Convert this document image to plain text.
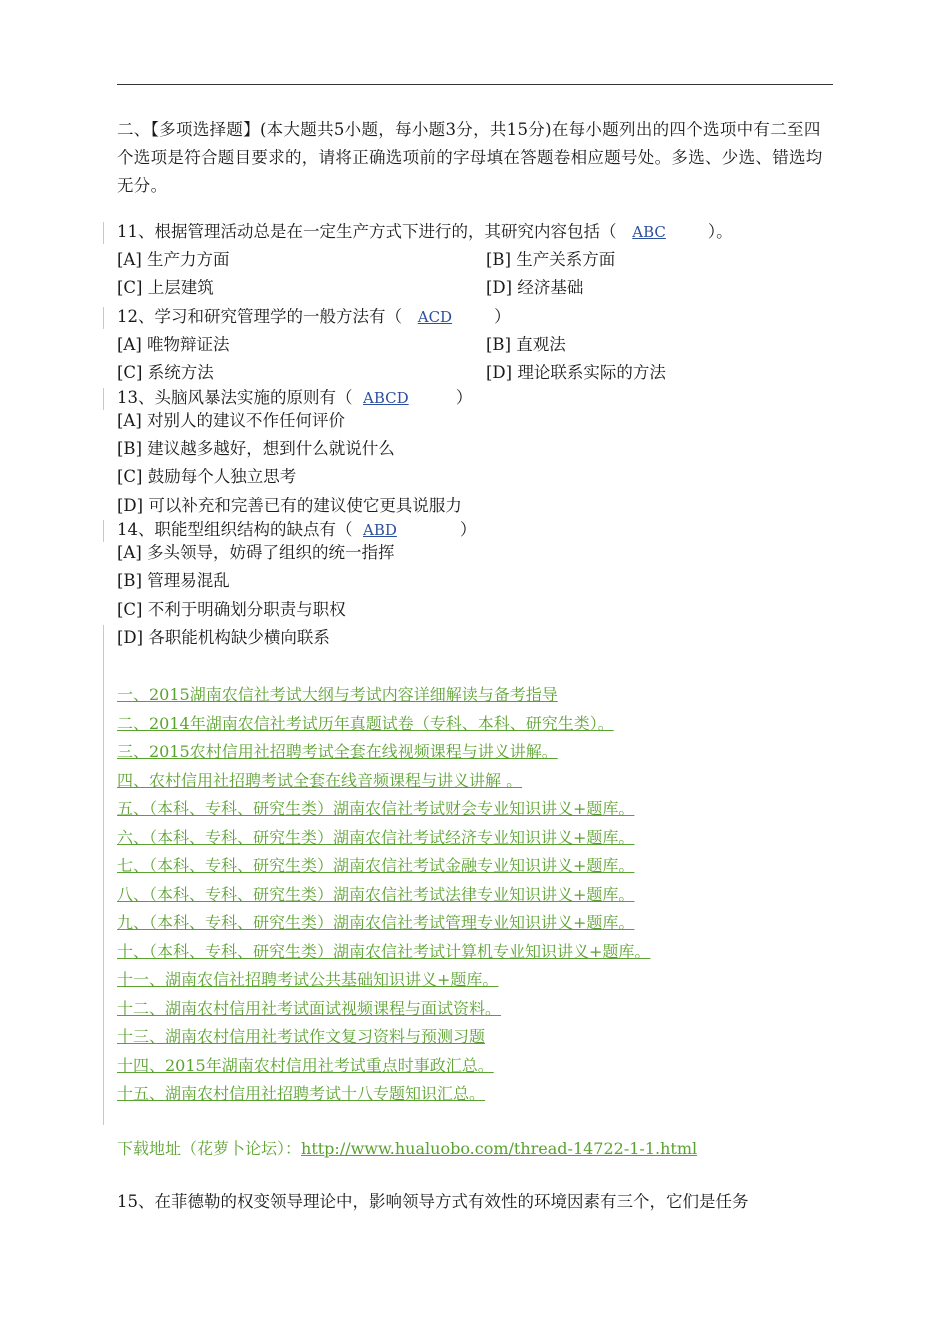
二、【多项选择题】(本大题共5小题，每小题3分，共15分)在每小题列出的四个选项中有二至四个选项是符合题目要求的，请将正确选项前的字母填在答题卷相应题号处。多选、少选、错选均无分。
11、根据管理活动总是在一定生产方式下进行的，其研究内容包括（ ABC	）。
[A] 生产力方面	[B] 生产关系方面
[C] 上层建筑	[D] 经济基础
12、学习和研究管理学的一般方法有（ ACD	）
[A] 唯物辩证法	[B] 直观法
[C] 系统方法	[D] 理论联系实际的方法
13、头脑风暴法实施的原则有（ ABCD	）
[A] 对别人的建议不作任何评价
[B] 建议越多越好，想到什么就说什么
[C] 鼓励每个人独立思考
[D] 可以补充和完善已有的建议使它更具说服力
14、职能型组织结构的缺点有（ ABD	）
[A] 多头领导，妨碍了组织的统一指挥
[B] 管理易混乱
[C] 不利于明确划分职责与职权
[D] 各职能机构缺少横向联系
一、2015湖南农信社考试大纲与考试内容详细解读与备考指导
二、2014年湖南农信社考试历年真题试卷（专科、本科、研究生类）。
三、2015农村信用社招聘考试全套在线视频课程与讲义讲解。
四、农村信用社招聘考试全套在线音频课程与讲义讲解 。
五、（本科、专科、研究生类）湖南农信社考试财会专业知识讲义+题库。
六、（本科、专科、研究生类）湖南农信社考试经济专业知识讲义+题库。
七、（本科、专科、研究生类）湖南农信社考试金融专业知识讲义+题库。
八、（本科、专科、研究生类）湖南农信社考试法律专业知识讲义+题库。
九、（本科、专科、研究生类）湖南农信社考试管理专业知识讲义+题库。
十、（本科、专科、研究生类）湖南农信社考试计算机专业知识讲义+题库。
十一、湖南农信社招聘考试公共基础知识讲义+题库。
十二、湖南农村信用社考试面试视频课程与面试资料。
十三、湖南农村信用社考试作文复习资料与预测习题
十四、2015年湖南农村信用社考试重点时事政汇总。
十五、湖南农村信用社招聘考试十八专题知识汇总。
下载地址（花萝卜论坛）：http://www.hualuobo.com/thread-14722-1-1.html
15、在菲德勒的权变领导理论中，影响领导方式有效性的环境因素有三个，它们是任务
